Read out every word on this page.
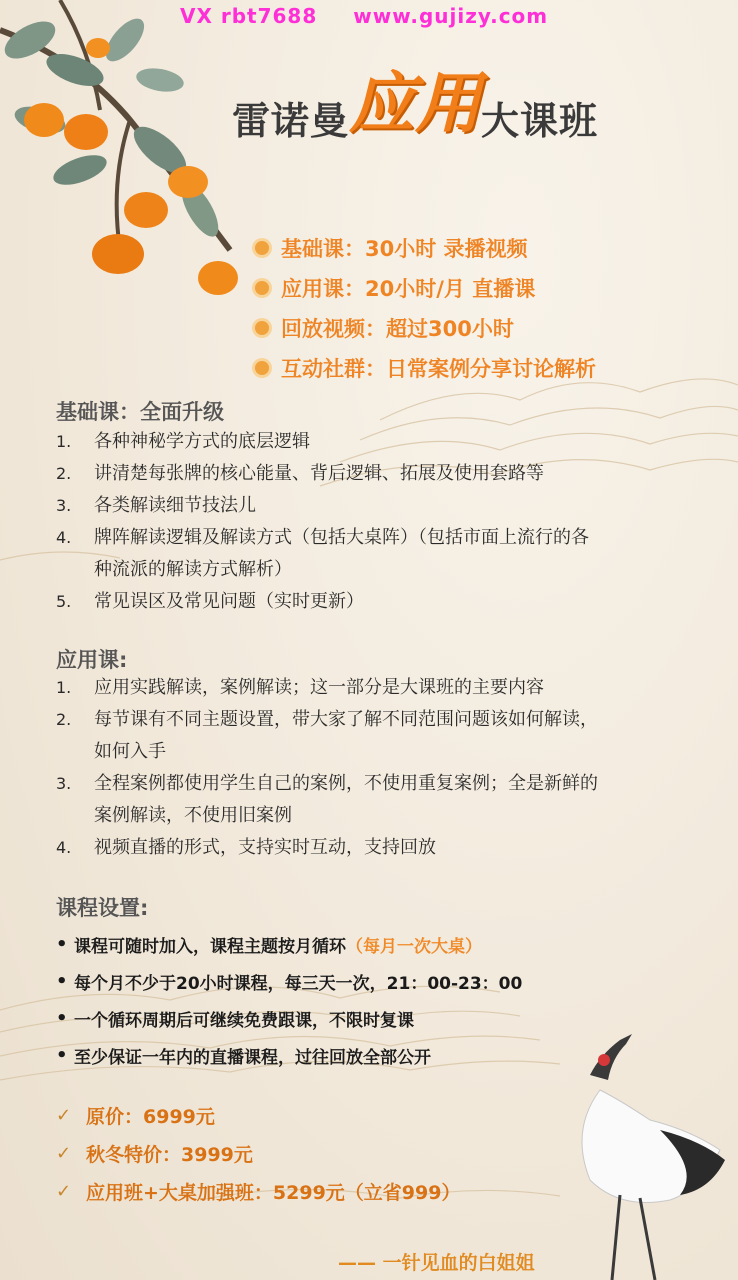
VX rbt7688 www.gujizy.com
雷诺曼应用大课班
基础课：30小时 录播视频
应用课：20小时/月 直播课
回放视频：超过300小时
互动社群：日常案例分享讨论解析
基础课：全面升级
1.	各种神秘学方式的底层逻辑
2.	讲清楚每张牌的核心能量、背后逻辑、拓展及使用套路等
3.	各类解读细节技法儿
4.	牌阵解读逻辑及解读方式（包括大桌阵）（包括市面上流行的各
种流派的解读方式解析）
5.	常见误区及常见问题（实时更新）
应用课:
1.	应用实践解读，案例解读；这一部分是大课班的主要内容
2.	每节课有不同主题设置，带大家了解不同范围问题该如何解读，
如何入手
3.	全程案例都使用学生自己的案例，不使用重复案例；全是新鲜的
案例解读，不使用旧案例
4.	视频直播的形式，支持实时互动，支持回放
课程设置:
• 课程可随时加入，课程主题按月循环 （每月一次大桌）
• 每个月不少于20小时课程，每三天一次，21：00-23：00
• 一个循环周期后可继续免费跟课，不限时复课
• 至少保证一年内的直播课程，过往回放全部公开
✓ 原价：6999元
✓ 秋冬特价：3999元
✓ 应用班+大桌加强班：5299元（立省999）
—— 一针见血的白姐姐
